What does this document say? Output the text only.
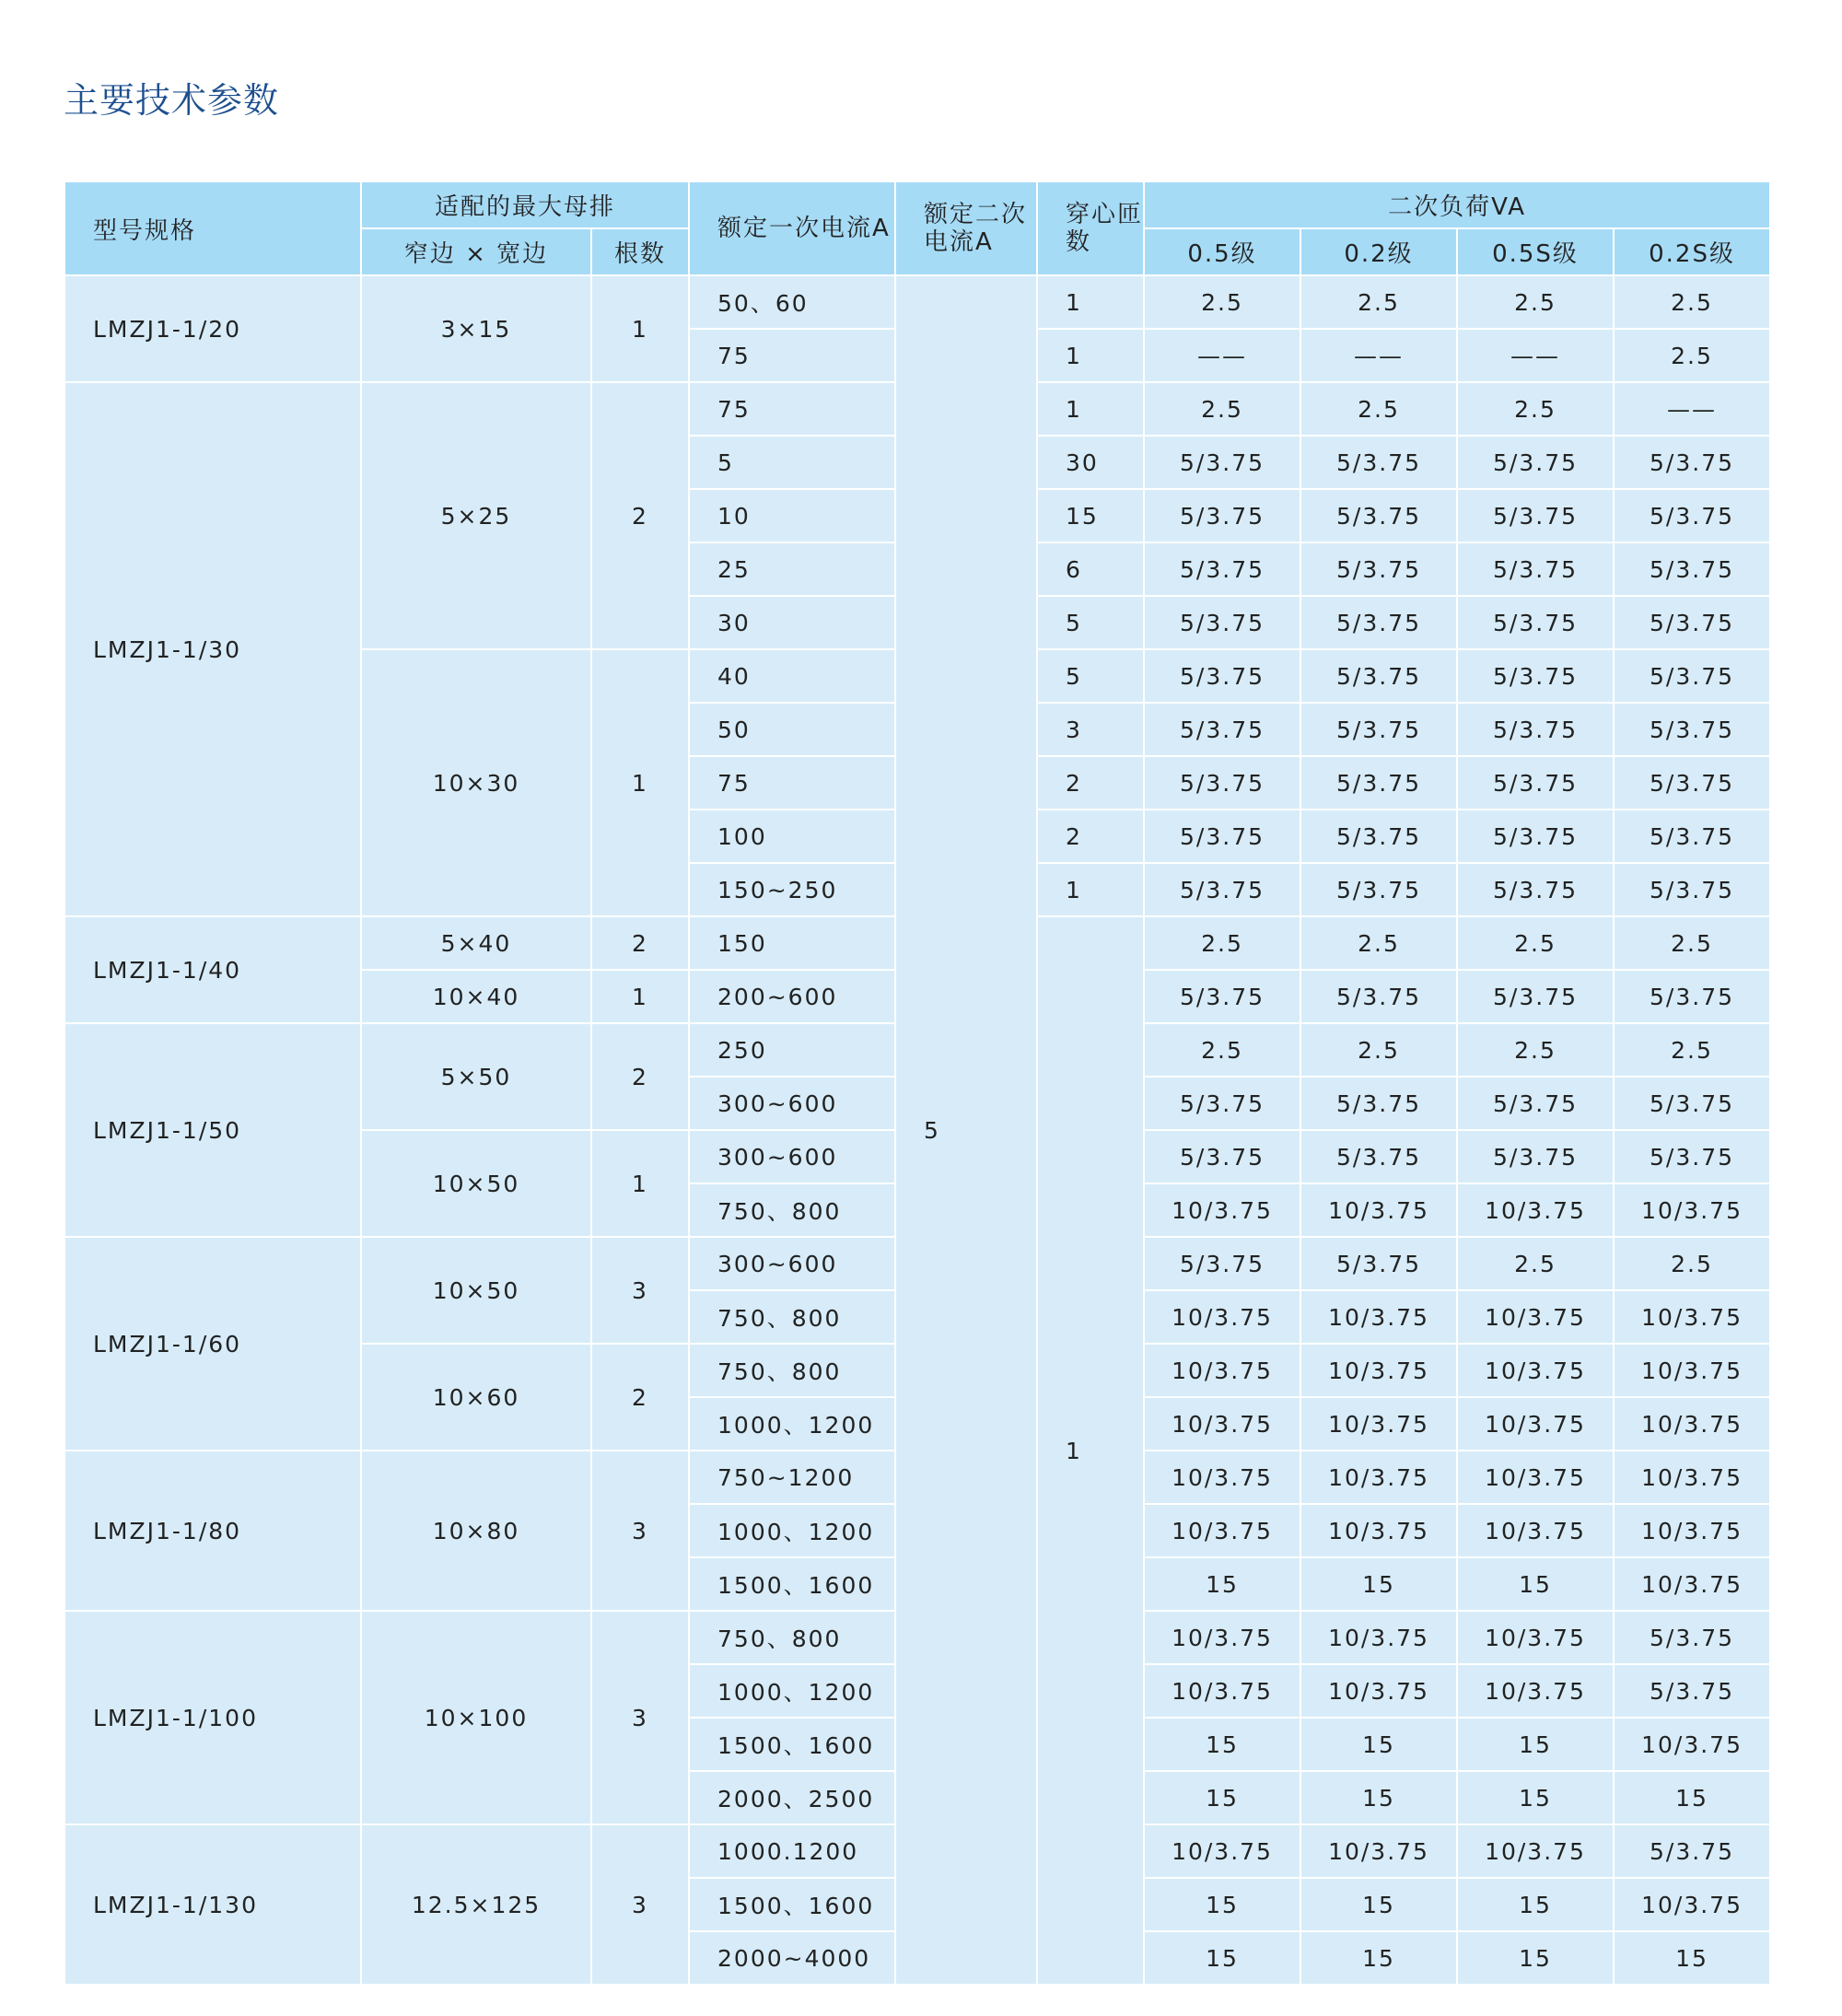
主要技术参数
型号规格	适配的最大母排		额定一次电流A	额定二次电流A	穿心匝数	二次负荷VA			
	窄边 × 宽边	根数				0.5级	0.2级	0.5S级	0.2S级
LMZJ1-1/20	3×15	1	50、60	5	1	2.5	2.5	2.5	2.5
			75		1	——	——	——	2.5
LMZJ1-1/30	5×25	2	75		1	2.5	2.5	2.5	——
			5		30	5/3.75	5/3.75	5/3.75	5/3.75
			10		15	5/3.75	5/3.75	5/3.75	5/3.75
			25		6	5/3.75	5/3.75	5/3.75	5/3.75
			30		5	5/3.75	5/3.75	5/3.75	5/3.75
	10×30	1	40		5	5/3.75	5/3.75	5/3.75	5/3.75
			50		3	5/3.75	5/3.75	5/3.75	5/3.75
			75		2	5/3.75	5/3.75	5/3.75	5/3.75
			100		2	5/3.75	5/3.75	5/3.75	5/3.75
			150~250		1	5/3.75	5/3.75	5/3.75	5/3.75
LMZJ1-1/40	5×40	2	150		1	2.5	2.5	2.5	2.5
	10×40	1	200~600			5/3.75	5/3.75	5/3.75	5/3.75
LMZJ1-1/50	5×50	2	250			2.5	2.5	2.5	2.5
			300~600			5/3.75	5/3.75	5/3.75	5/3.75
	10×50	1	300~600			5/3.75	5/3.75	5/3.75	5/3.75
			750、800			10/3.75	10/3.75	10/3.75	10/3.75
LMZJ1-1/60	10×50	3	300~600			5/3.75	5/3.75	2.5	2.5
			750、800			10/3.75	10/3.75	10/3.75	10/3.75
	10×60	2	750、800			10/3.75	10/3.75	10/3.75	10/3.75
			1000、1200			10/3.75	10/3.75	10/3.75	10/3.75
LMZJ1-1/80	10×80	3	750~1200			10/3.75	10/3.75	10/3.75	10/3.75
			1000、1200			10/3.75	10/3.75	10/3.75	10/3.75
			1500、1600			15	15	15	10/3.75
LMZJ1-1/100	10×100	3	750、800			10/3.75	10/3.75	10/3.75	5/3.75
			1000、1200			10/3.75	10/3.75	10/3.75	5/3.75
			1500、1600			15	15	15	10/3.75
			2000、2500			15	15	15	15
LMZJ1-1/130	12.5×125	3	1000.1200			10/3.75	10/3.75	10/3.75	5/3.75
			1500、1600			15	15	15	10/3.75
			2000~4000			15	15	15	15
